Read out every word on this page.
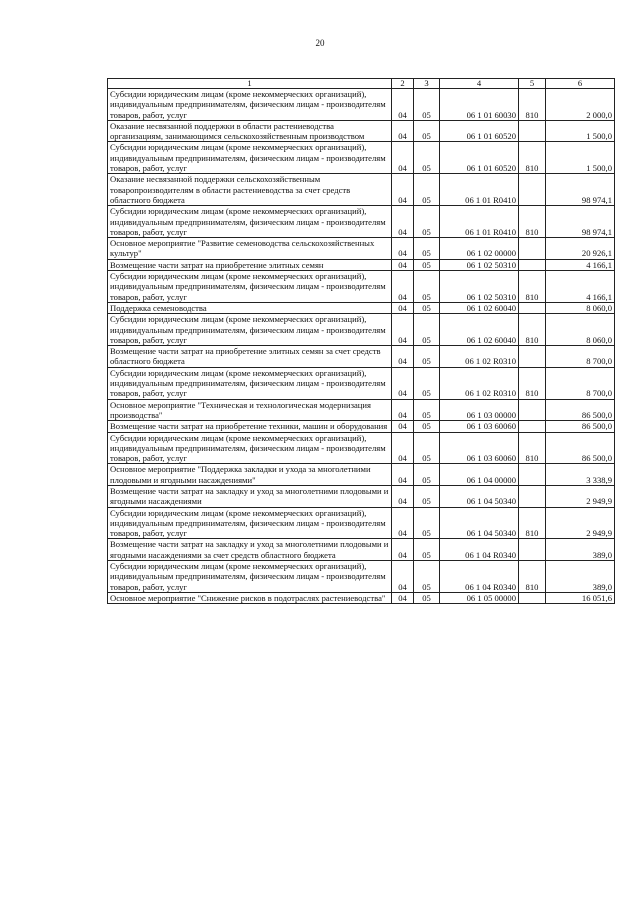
20
1	2	3	4	5	6
Субсидии юридическим лицам (кроме некоммерческих организаций), индивидуальным предпринимателям, физическим лицам - производителям товаров, работ, услуг	04	05	06 1 01 60030	810	2 000,0
Оказание несвязанной поддержки в области растениеводства организациям, занимающимся сельскохозяйственным производством	04	05	06 1 01 60520		1 500,0
Субсидии юридическим лицам (кроме некоммерческих организаций), индивидуальным предпринимателям, физическим лицам - производителям товаров, работ, услуг	04	05	06 1 01 60520	810	1 500,0
Оказание несвязанной поддержки сельскохозяйственным товаропроизводителям в области растениеводства за счет средств областного бюджета	04	05	06 1 01 R0410		98 974,1
Субсидии юридическим лицам (кроме некоммерческих организаций), индивидуальным предпринимателям, физическим лицам - производителям товаров, работ, услуг	04	05	06 1 01 R0410	810	98 974,1
Основное мероприятие "Развитие семеноводства сельскохозяйственных культур"	04	05	06 1 02 00000		20 926,1
Возмещение части затрат на приобретение элитных семян	04	05	06 1 02 50310		4 166,1
Субсидии юридическим лицам (кроме некоммерческих организаций), индивидуальным предпринимателям, физическим лицам - производителям товаров, работ, услуг	04	05	06 1 02 50310	810	4 166,1
Поддержка семеноводства	04	05	06 1 02 60040		8 060,0
Субсидии юридическим лицам (кроме некоммерческих организаций), индивидуальным предпринимателям, физическим лицам - производителям товаров, работ, услуг	04	05	06 1 02 60040	810	8 060,0
Возмещение части затрат на приобретение элитных семян за счет средств областного бюджета	04	05	06 1 02 R0310		8 700,0
Субсидии юридическим лицам (кроме некоммерческих организаций), индивидуальным предпринимателям, физическим лицам - производителям товаров, работ, услуг	04	05	06 1 02 R0310	810	8 700,0
Основное мероприятие "Техническая и технологическая модернизация производства"	04	05	06 1 03 00000		86 500,0
Возмещение части затрат на приобретение техники, машин и оборудования	04	05	06 1 03 60060		86 500,0
Субсидии юридическим лицам (кроме некоммерческих организаций), индивидуальным предпринимателям, физическим лицам - производителям товаров, работ, услуг	04	05	06 1 03 60060	810	86 500,0
Основное мероприятие "Поддержка закладки и ухода за многолетними плодовыми и ягодными насаждениями"	04	05	06 1 04 00000		3 338,9
Возмещение части затрат на закладку и уход за многолетними плодовыми и ягодными насаждениями	04	05	06 1 04 50340		2 949,9
Субсидии юридическим лицам (кроме некоммерческих организаций), индивидуальным предпринимателям, физическим лицам - производителям товаров, работ, услуг	04	05	06 1 04 50340	810	2 949,9
Возмещение части затрат на закладку и уход за многолетними плодовыми и ягодными насаждениями за счет средств областного бюджета	04	05	06 1 04 R0340		389,0
Субсидии юридическим лицам (кроме некоммерческих организаций), индивидуальным предпринимателям, физическим лицам - производителям товаров, работ, услуг	04	05	06 1 04 R0340	810	389,0
Основное мероприятие "Снижение рисков в подотраслях растениеводства"	04	05	06 1 05 00000		16 051,6
